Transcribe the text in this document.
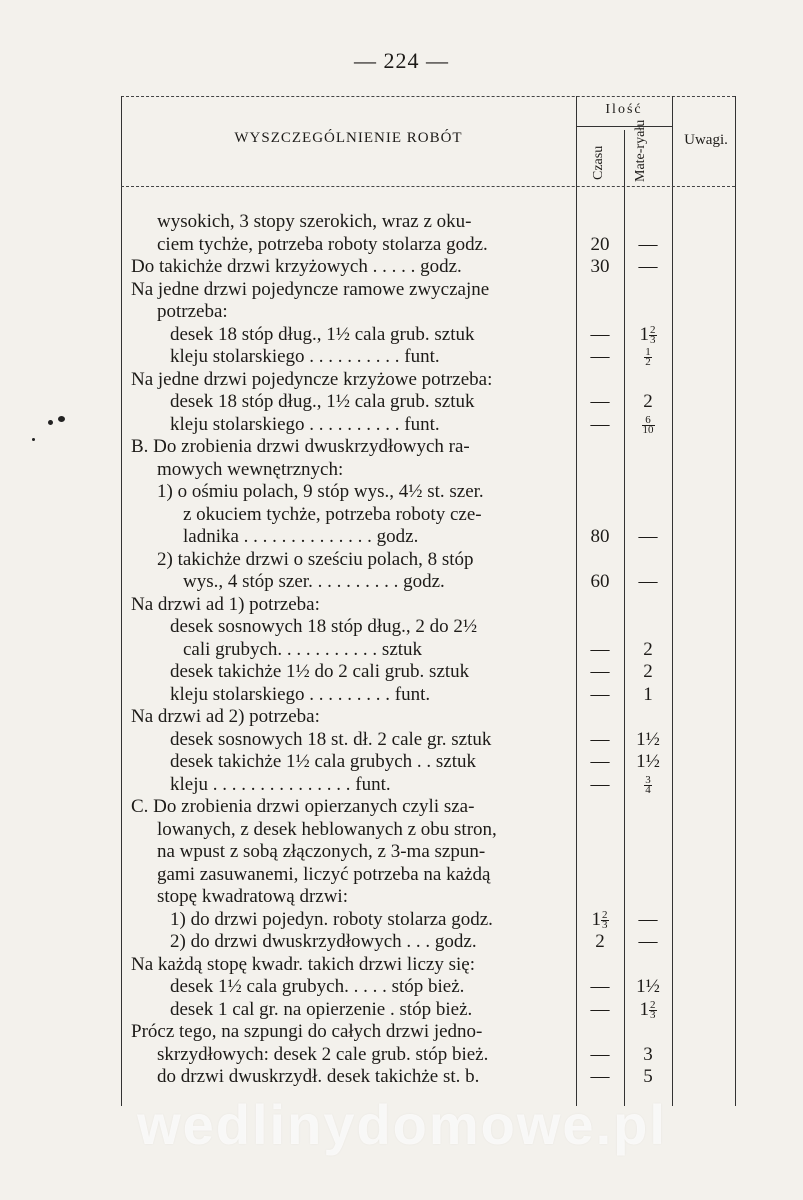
— 224 —
WYSZCZEGÓLNIENIE ROBÓT
Ilość
Czasu Mate-ryału	Uwagi.
wysokich, 3 stopy szerokich, wraz z oku-
ciem tychże, potrzeba roboty stolarza godz.	20	—
Do takichże drzwi krzyżowych . . . . . godz.	30	—
Na jedne drzwi pojedyncze ramowe zwyczajne
potrzeba:
desek 18 stóp dług., 1½ cala grub. sztuk	—	$1 \frac{2}{3}$
kleju stolarskiego . . . . . . . . . . funt.	—	$\frac{1}{2}$
Na jedne drzwi pojedyncze krzyżowe potrzeba:
desek 18 stóp dług., 1½ cala grub. sztuk	—	2
kleju stolarskiego . . . . . . . . . . funt.	—	$\frac{6}{10}$
B. Do zrobienia drzwi dwuskrzydłowych ra-
mowych wewnętrznych:
1) o ośmiu polach, 9 stóp wys., 4½ st. szer.
z okuciem tychże, potrzeba roboty cze-
ladnika . . . . . . . . . . . . . . godz.	80	—
2) takichże drzwi o sześciu polach, 8 stóp
wys., 4 stóp szer. . . . . . . . . . godz.	60	—
Na drzwi ad 1) potrzeba:
desek sosnowych 18 stóp dług., 2 do 2½
cali grubych. . . . . . . . . . . sztuk	—	2
desek takichże 1½ do 2 cali grub. sztuk	—	2
kleju stolarskiego . . . . . . . . . funt.	—	1
Na drzwi ad 2) potrzeba:
desek sosnowych 18 st. dł. 2 cale gr. sztuk	—	1½
desek takichże 1½ cala grubych . . sztuk	—	1½
kleju . . . . . . . . . . . . . . . funt.	—	$\frac{3}{4}$
C. Do zrobienia drzwi opierzanych czyli sza-
lowanych, z desek heblowanych z obu stron,
na wpust z sobą złączonych, z 3-ma szpun-
gami zasuwanemi, liczyć potrzeba na każdą
stopę kwadratową drzwi:
1) do drzwi pojedyn. roboty stolarza godz.	$1 \frac{2}{3}$	—
2) do drzwi dwuskrzydłowych . . . godz.	2	—
Na każdą stopę kwadr. takich drzwi liczy się:
desek 1½ cala grubych. . . . . stóp bież.	—	1½
desek 1 cal gr. na opierzenie . stóp bież.	—	$1 \frac{2}{3}$
Prócz tego, na szpungi do całych drzwi jedno-
skrzydłowych: desek 2 cale grub. stóp bież.	—	3
do drzwi dwuskrzydł. desek takichże st. b.	—	5
wedlinydomowe.pl
